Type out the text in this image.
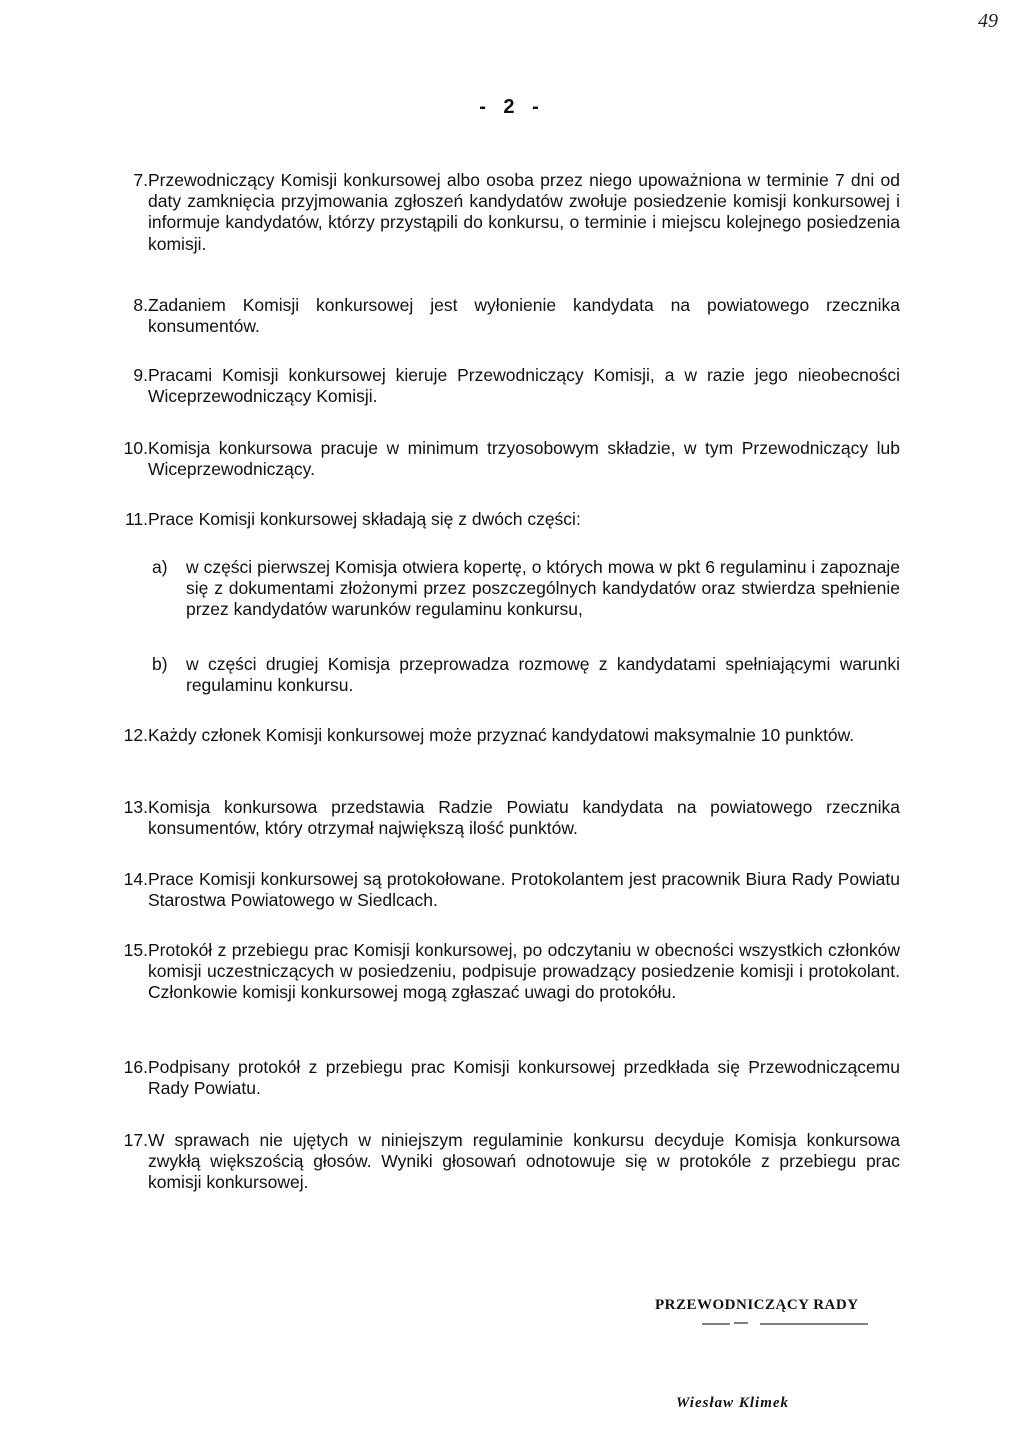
49
- 2 -
7. Przewodniczący Komisji konkursowej albo osoba przez niego upoważniona w terminie 7 dni od daty zamknięcia przyjmowania zgłoszeń kandydatów zwołuje posiedzenie komisji konkursowej i informuje kandydatów, którzy przystąpili do konkursu, o terminie i miejscu kolejnego posiedzenia komisji.
8. Zadaniem Komisji konkursowej jest wyłonienie kandydata na powiatowego rzecznika konsumentów.
9. Pracami Komisji konkursowej kieruje Przewodniczący Komisji, a w razie jego nieobecności Wiceprzewodniczący Komisji.
10. Komisja konkursowa pracuje w minimum trzyosobowym składzie, w tym Przewodniczący lub Wiceprzewodniczący.
11. Prace Komisji konkursowej składają się z dwóch części:
a) w części pierwszej Komisja otwiera kopertę, o których mowa w pkt 6 regulaminu i zapoznaje się z dokumentami złożonymi przez poszczególnych kandydatów oraz stwierdza spełnienie przez kandydatów warunków regulaminu konkursu,
b) w części drugiej Komisja przeprowadza rozmowę z kandydatami spełniającymi warunki regulaminu konkursu.
12. Każdy członek Komisji konkursowej może przyznać kandydatowi maksymalnie 10 punktów.
13. Komisja konkursowa przedstawia Radzie Powiatu kandydata na powiatowego rzecznika konsumentów, który otrzymał największą ilość punktów.
14. Prace Komisji konkursowej są protokołowane. Protokolantem jest pracownik Biura Rady Powiatu Starostwa Powiatowego w Siedlcach.
15. Protokół z przebiegu prac Komisji konkursowej, po odczytaniu w obecności wszystkich członków komisji uczestniczących w posiedzeniu, podpisuje prowadzący posiedzenie komisji i protokolant. Członkowie komisji konkursowej mogą zgłaszać uwagi do protokółu.
16. Podpisany protokół z przebiegu prac Komisji konkursowej przedkłada się Przewodniczącemu Rady Powiatu.
17. W sprawach nie ujętych w niniejszym regulaminie konkursu decyduje Komisja konkursowa zwykłą większością głosów. Wyniki głosowań odnotowuje się w protokóle z przebiegu prac komisji konkursowej.
PRZEWODNICZĄCY RADY
Wiesław Klimek
